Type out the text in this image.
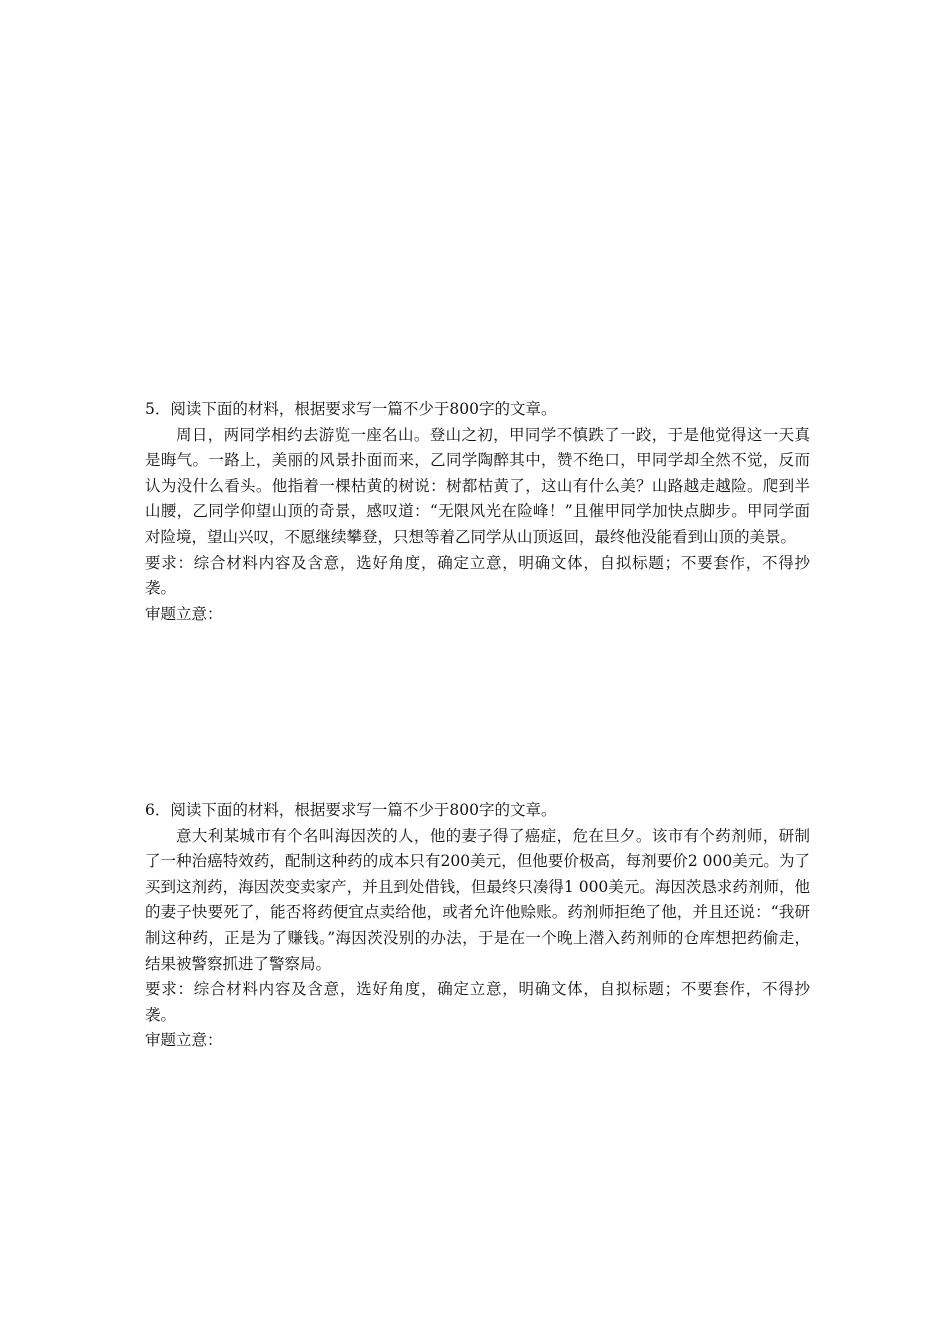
5．阅读下面的材料，根据要求写一篇不少于800字的文章。

周日，两同学相约去游览一座名山。登山之初，甲同学不慎跌了一跤，于是他觉得这一天真是晦气。一路上，美丽的风景扑面而来，乙同学陶醉其中，赞不绝口，甲同学却全然不觉，反而认为没什么看头。他指着一棵枯黄的树说：树都枯黄了，这山有什么美？山路越走越险。爬到半山腰，乙同学仰望山顶的奇景，感叹道：“无限风光在险峰！”且催甲同学加快点脚步。甲同学面对险境，望山兴叹，不愿继续攀登，只想等着乙同学从山顶返回，最终他没能看到山顶的美景。

要求：综合材料内容及含意，选好角度，确定立意，明确文体，自拟标题；不要套作，不得抄袭。

审题立意：

6．阅读下面的材料，根据要求写一篇不少于800字的文章。

意大利某城市有个名叫海因茨的人，他的妻子得了癌症，危在旦夕。该市有个药剂师，研制了一种治癌特效药，配制这种药的成本只有200美元，但他要价极高，每剂要价2 000美元。为了买到这剂药，海因茨变卖家产，并且到处借钱，但最终只凑得1 000美元。海因茨恳求药剂师，他的妻子快要死了，能否将药便宜点卖给他，或者允许他赊账。药剂师拒绝了他，并且还说：“我研制这种药，正是为了赚钱。”海因茨没别的办法，于是在一个晚上潜入药剂师的仓库想把药偷走，结果被警察抓进了警察局。

要求：综合材料内容及含意，选好角度，确定立意，明确文体，自拟标题；不要套作，不得抄袭。

审题立意：
